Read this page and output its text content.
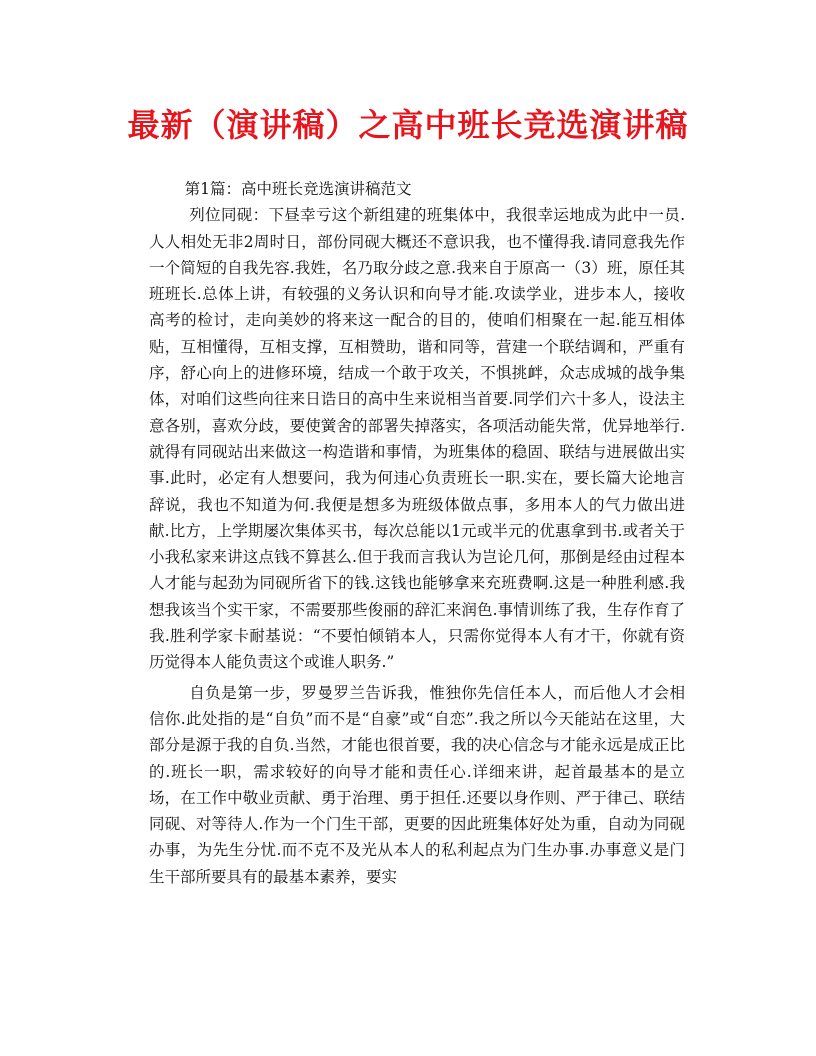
最新（演讲稿）之高中班长竞选演讲稿

第1篇：高中班长竞选演讲稿范文

列位同砚：下昼幸亏这个新组建的班集体中，我很幸运地成为此中一员.人人相处无非2周时日，部份同砚大概还不意识我，也不懂得我.请同意我先作一个简短的自我先容.我姓，名乃取分歧之意.我来自于原高一（3）班，原任其班班长.总体上讲，有较强的义务认识和向导才能.攻读学业，进步本人，接收高考的检讨，走向美妙的将来这一配合的目的，使咱们相聚在一起.能互相体贴，互相懂得，互相支撑，互相赞助，谐和同等，营建一个联结调和，严重有序，舒心向上的进修环境，结成一个敢于攻关，不惧挑衅，众志成城的战争集体，对咱们这些向往来日诰日的高中生来说相当首要.同学们六十多人，设法主意各别，喜欢分歧，要使黉舍的部署失掉落实，各项活动能失常，优异地举行.就得有同砚站出来做这一构造谐和事情，为班集体的稳固、联结与进展做出实事.此时，必定有人想要问，我为何违心负责班长一职.实在，要长篇大论地言辞说，我也不知道为何.我便是想多为班级体做点事，多用本人的气力做出进献.比方，上学期屡次集体买书，每次总能以1元或半元的优惠拿到书.或者关于小我私家来讲这点钱不算甚么.但于我而言我认为岂论几何，那倒是经由过程本人才能与起劲为同砚所省下的钱.这钱也能够拿来充班费啊.这是一种胜利感.我想我该当个实干家，不需要那些俊丽的辞汇来润色.事情训练了我，生存作育了我.胜利学家卡耐基说：“不要怕倾销本人，只需你觉得本人有才干，你就有资历觉得本人能负责这个或谁人职务.”

自负是第一步，罗曼罗兰告诉我，惟独你先信任本人，而后他人才会相信你.此处指的是“自负”而不是“自豪”或“自恋”.我之所以今天能站在这里，大部分是源于我的自负.当然，才能也很首要，我的决心信念与才能永远是成正比的.班长一职，需求较好的向导才能和责任心.详细来讲，起首最基本的是立场，在工作中敬业贡献、勇于治理、勇于担任.还要以身作则、严于律己、联结同砚、对等待人.作为一个门生干部，更要的因此班集体好处为重，自动为同砚办事，为先生分忧.而不克不及光从本人的私利起点为门生办事.办事意义是门生干部所要具有的最基本素养，要实
